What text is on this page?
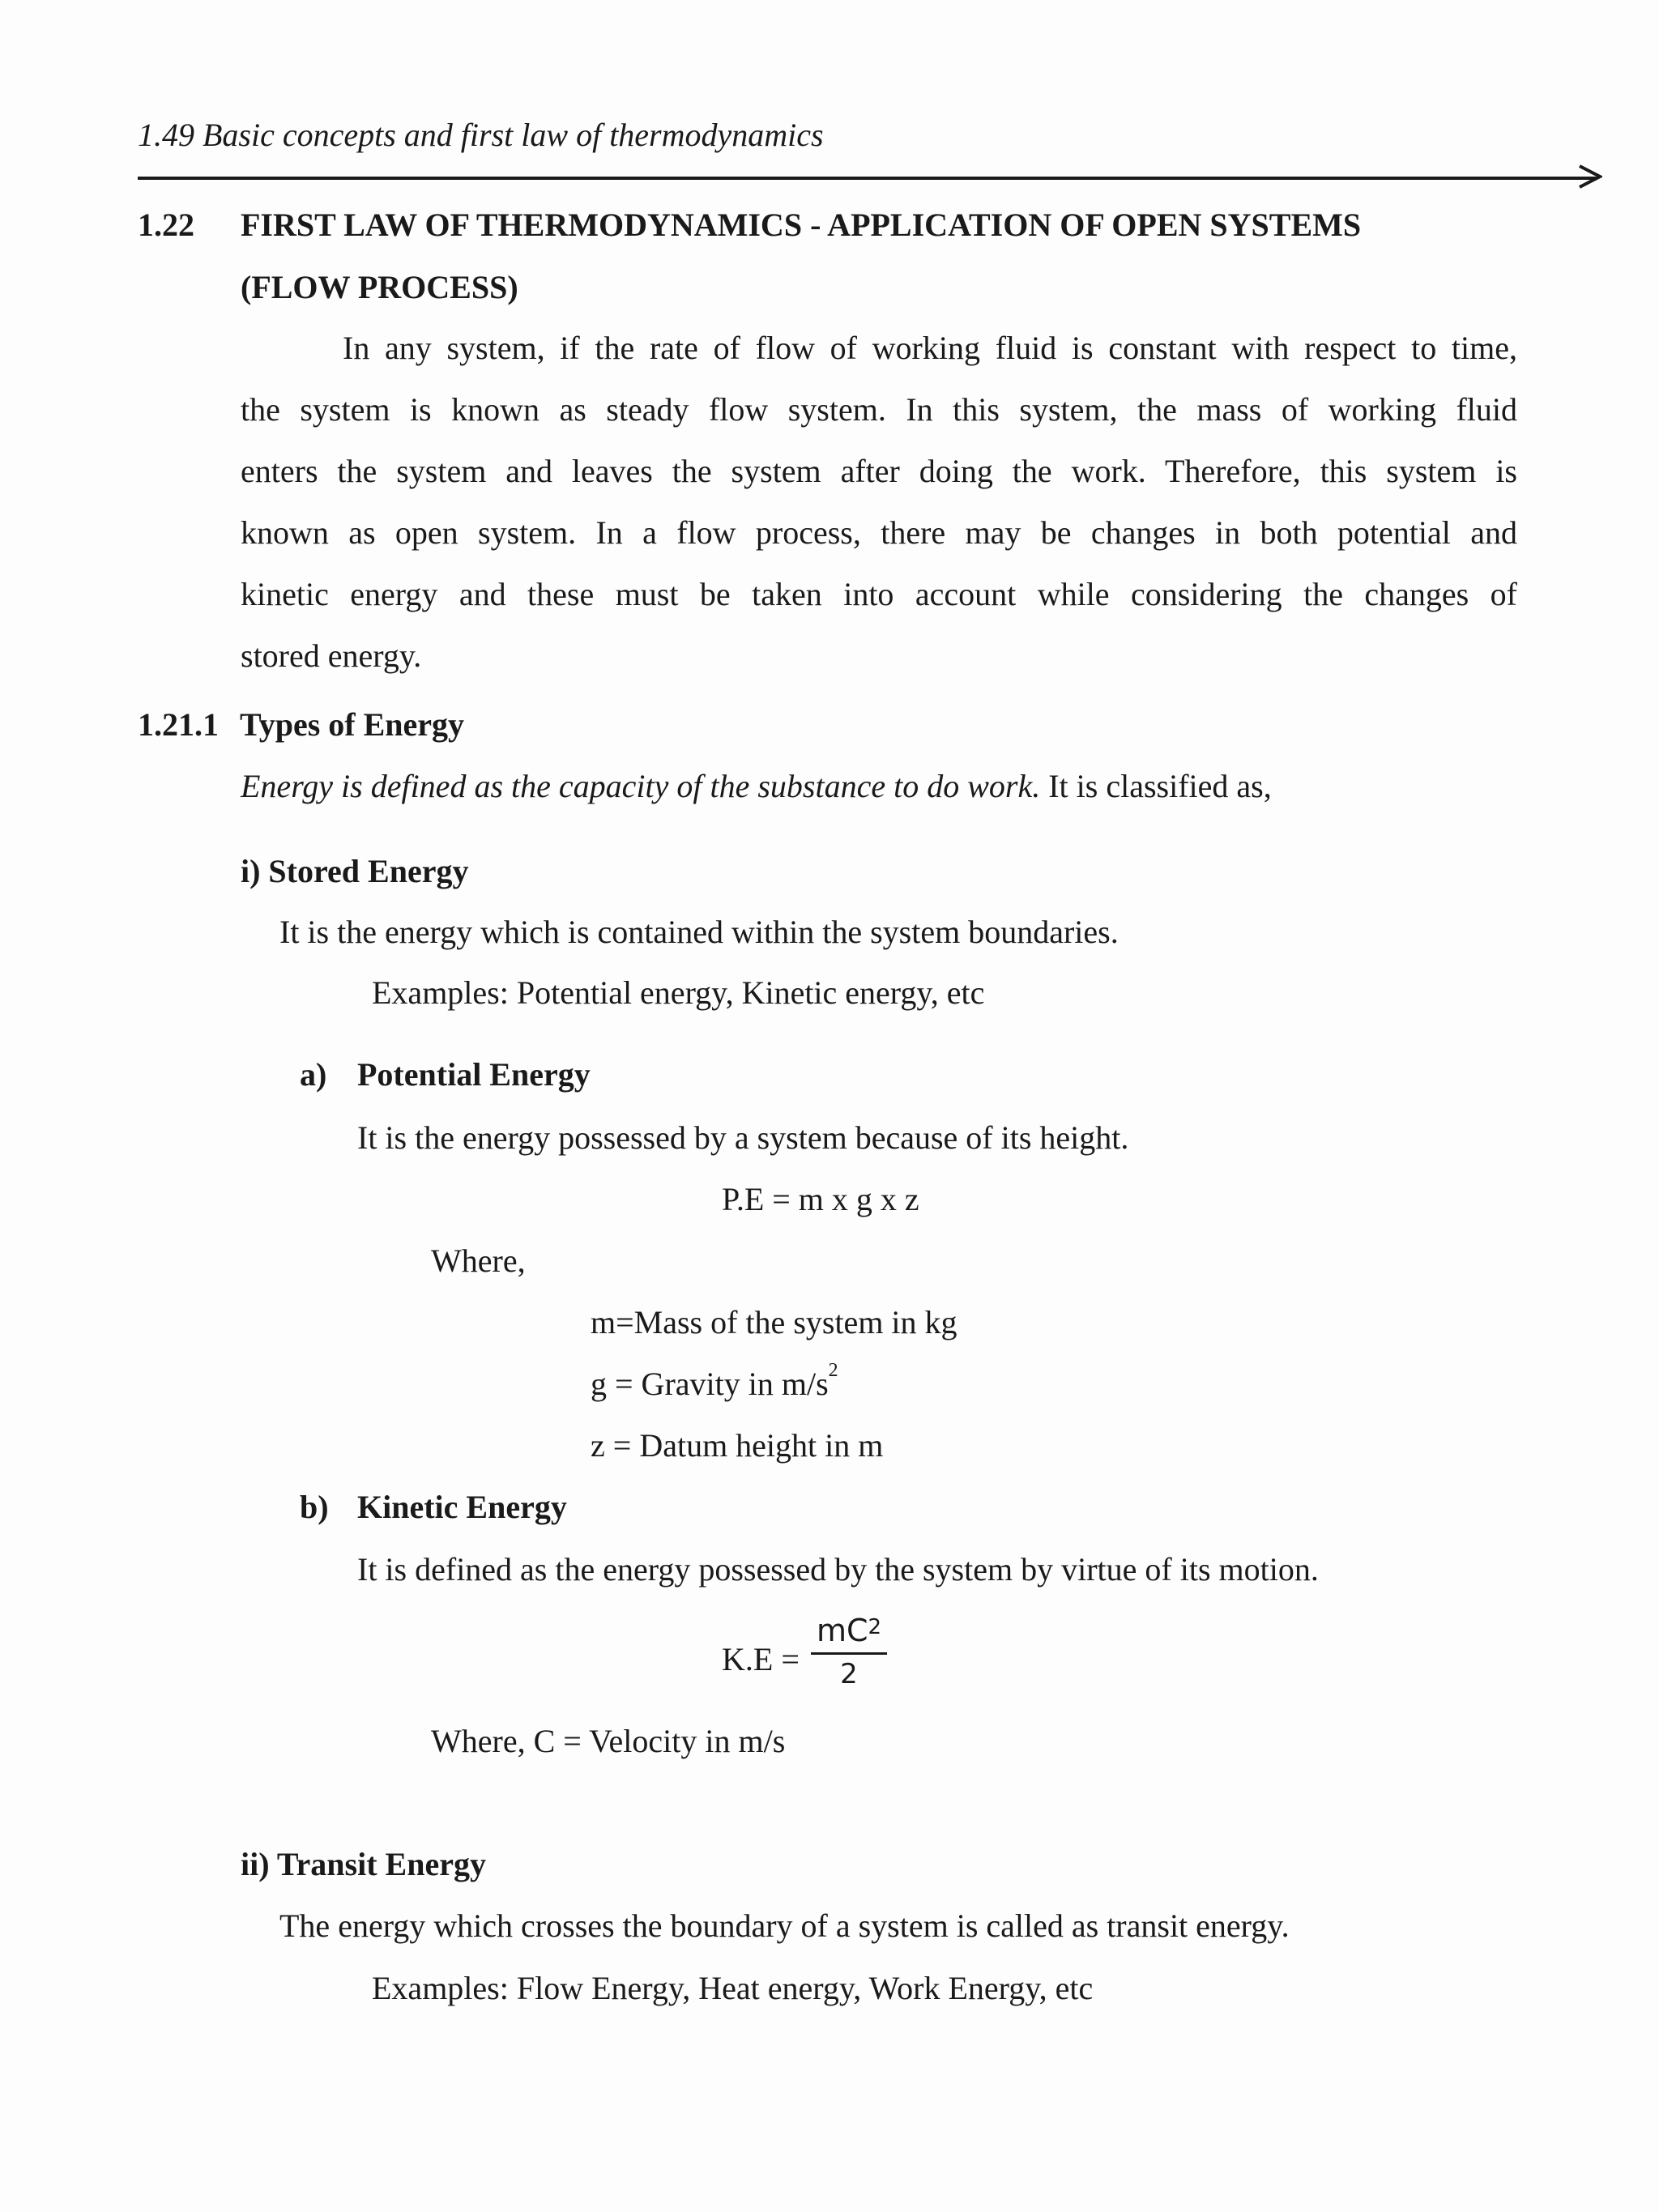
1.49 Basic concepts and first law of thermodynamics
1.22 FIRST LAW OF THERMODYNAMICS - APPLICATION OF OPEN SYSTEMS
(FLOW PROCESS)
In any system, if the rate of flow of working fluid is constant with respect to time,
the system is known as steady flow system. In this system, the mass of working fluid
enters the system and leaves the system after doing the work. Therefore, this system is
known as open system. In a flow process, there may be changes in both potential and
kinetic energy and these must be taken into account while considering the changes of
stored energy.
1.21.1 Types of Energy
Energy is defined as the capacity of the substance to do work. It is classified as,
i) Stored Energy
It is the energy which is contained within the system boundaries.
Examples: Potential energy, Kinetic energy, etc
a) Potential Energy
It is the energy possessed by a system because of its height.
P.E = m x g x z
Where,
m=Mass of the system in kg
g = Gravity in $m/s^2$
z = Datum height in m
b) Kinetic Energy
It is defined as the energy possessed by the system by virtue of its motion.
K.E =
$mC^2$
2
Where, C = Velocity in m/s
ii) Transit Energy
The energy which crosses the boundary of a system is called as transit energy.
Examples: Flow Energy, Heat energy, Work Energy, etc
